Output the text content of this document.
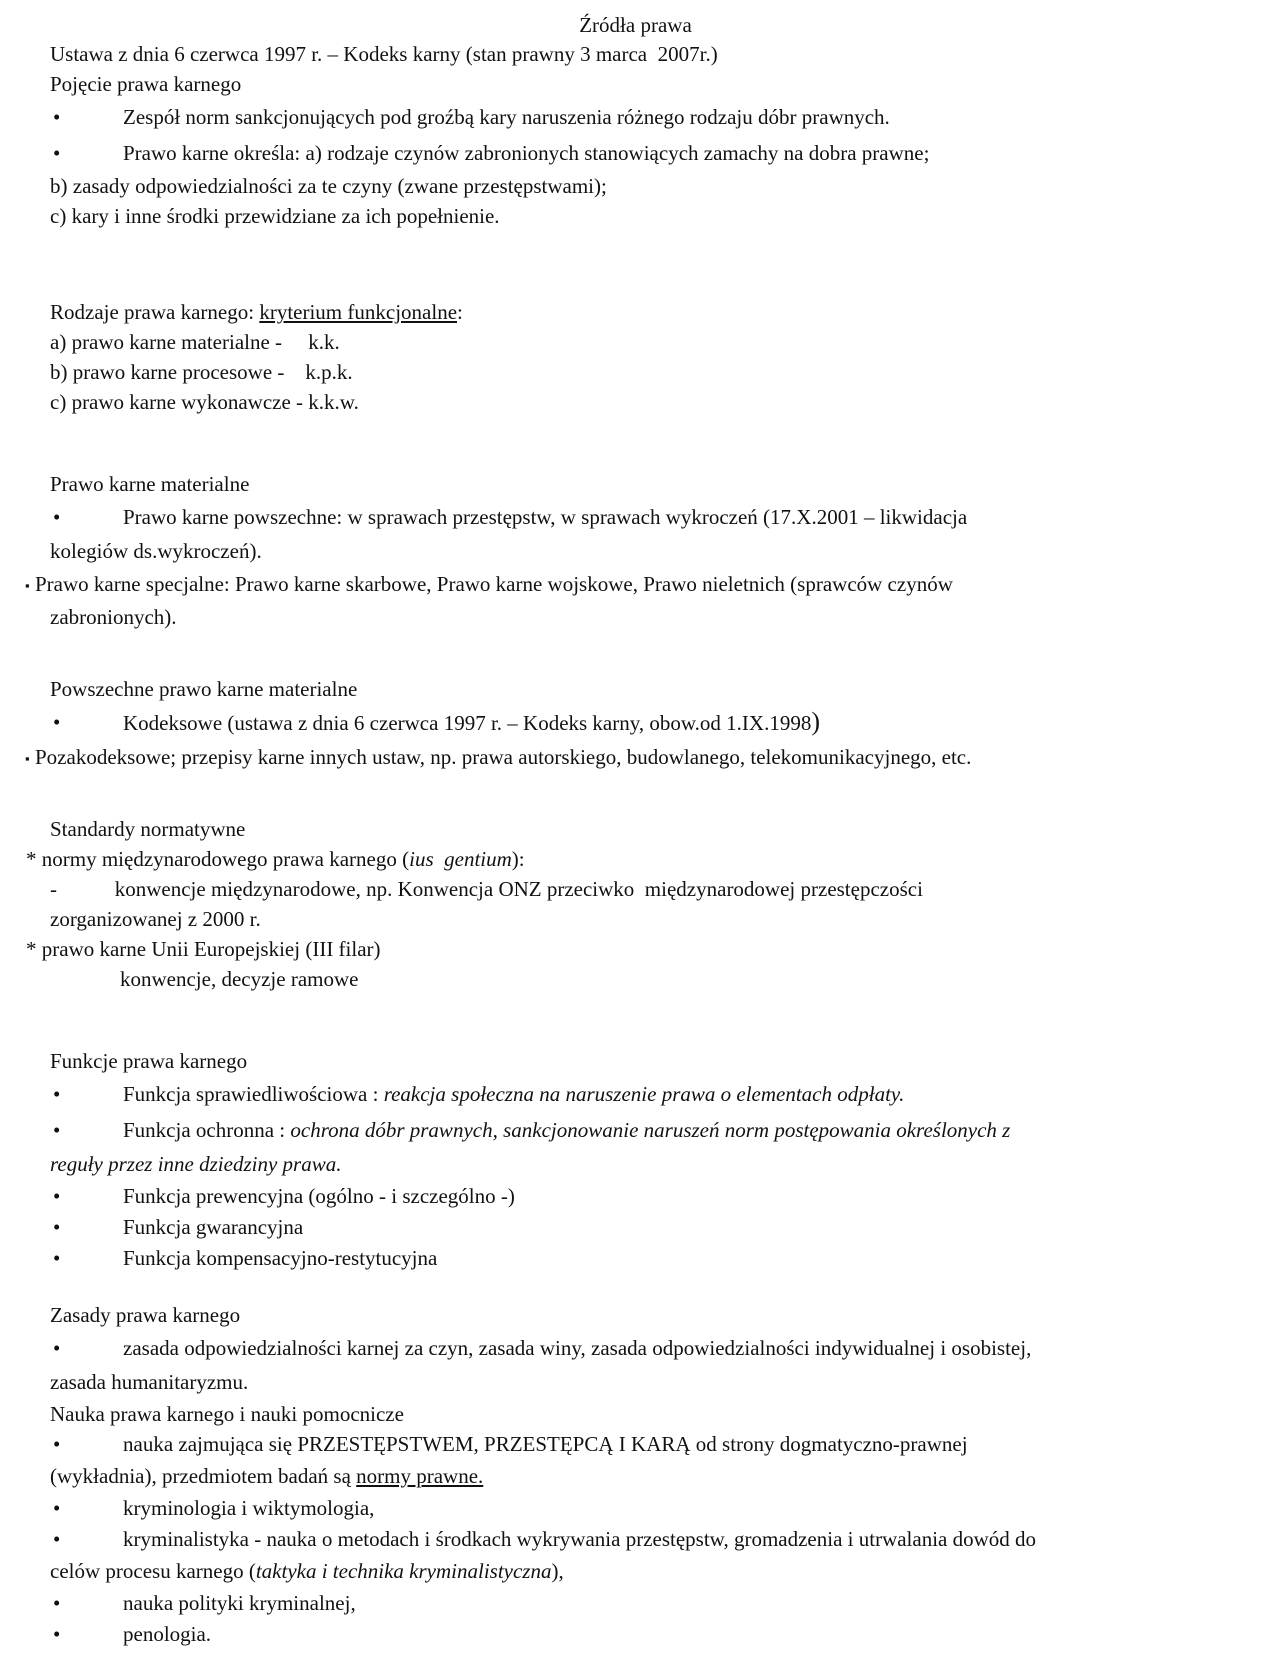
Źródła prawa
Ustawa z dnia 6 czerwca 1997 r. – Kodeks karny (stan prawny 3 marca  2007r.)
Pojęcie prawa karnego
•	Zespół norm sankcjonujących pod groźbą kary naruszenia różnego rodzaju dóbr prawnych.
•	Prawo karne określa: a) rodzaje czynów zabronionych stanowiących zamachy na dobra prawne;
b) zasady odpowiedzialności za te czyny (zwane przestępstwami);
c) kary i inne środki przewidziane za ich popełnienie.
Rodzaje prawa karnego: kryterium funkcjonalne:
a) prawo karne materialne -     k.k.
b) prawo karne procesowe -    k.p.k.
c) prawo karne wykonawcze - k.k.w.
Prawo karne materialne
•	Prawo karne powszechne: w sprawach przestępstw, w sprawach wykroczeń (17.X.2001 – likwidacja
kolegiów ds.wykroczeń).
▪ Prawo karne specjalne: Prawo karne skarbowe, Prawo karne wojskowe, Prawo nieletnich (sprawców czynów
zabronionych).
Powszechne prawo karne materialne
•	Kodeksowe (ustawa z dnia 6 czerwca 1997 r. – Kodeks karny, obow.od 1.IX.1998)
▪ Pozakodeksowe; przepisy karne innych ustaw, np. prawa autorskiego, budowlanego, telekomunikacyjnego, etc.
Standardy normatywne
* normy międzynarodowego prawa karnego (ius  gentium):
-           konwencje międzynarodowe, np. Konwencja ONZ przeciwko  międzynarodowej przestępczości
zorganizowanej z 2000 r.
* prawo karne Unii Europejskiej (III filar)
konwencje, decyzje ramowe
Funkcje prawa karnego
•	Funkcja sprawiedliwościowa : reakcja społeczna na naruszenie prawa o elementach odpłaty.
•	Funkcja ochronna : ochrona dóbr prawnych, sankcjonowanie naruszeń norm postępowania określonych z
reguły przez inne dziedziny prawa.
•	Funkcja prewencyjna (ogólno - i szczególno -)
•	Funkcja gwarancyjna
•	Funkcja kompensacyjno-restytucyjna
Zasady prawa karnego
•	zasada odpowiedzialności karnej za czyn, zasada winy, zasada odpowiedzialności indywidualnej i osobistej,
zasada humanitaryzmu.
Nauka prawa karnego i nauki pomocnicze
•	nauka zajmująca się PRZESTĘPSTWEM, PRZESTĘPCĄ I KARĄ od strony dogmatyczno-prawnej
(wykładnia), przedmiotem badań są normy prawne.
•	kryminologia i wiktymologia,
•	kryminalistyka - nauka o metodach i środkach wykrywania przestępstw, gromadzenia i utrwalania dowód do
celów procesu karnego (taktyka i technika kryminalistyczna),
•	nauka polityki kryminalnej,
•	penologia.
